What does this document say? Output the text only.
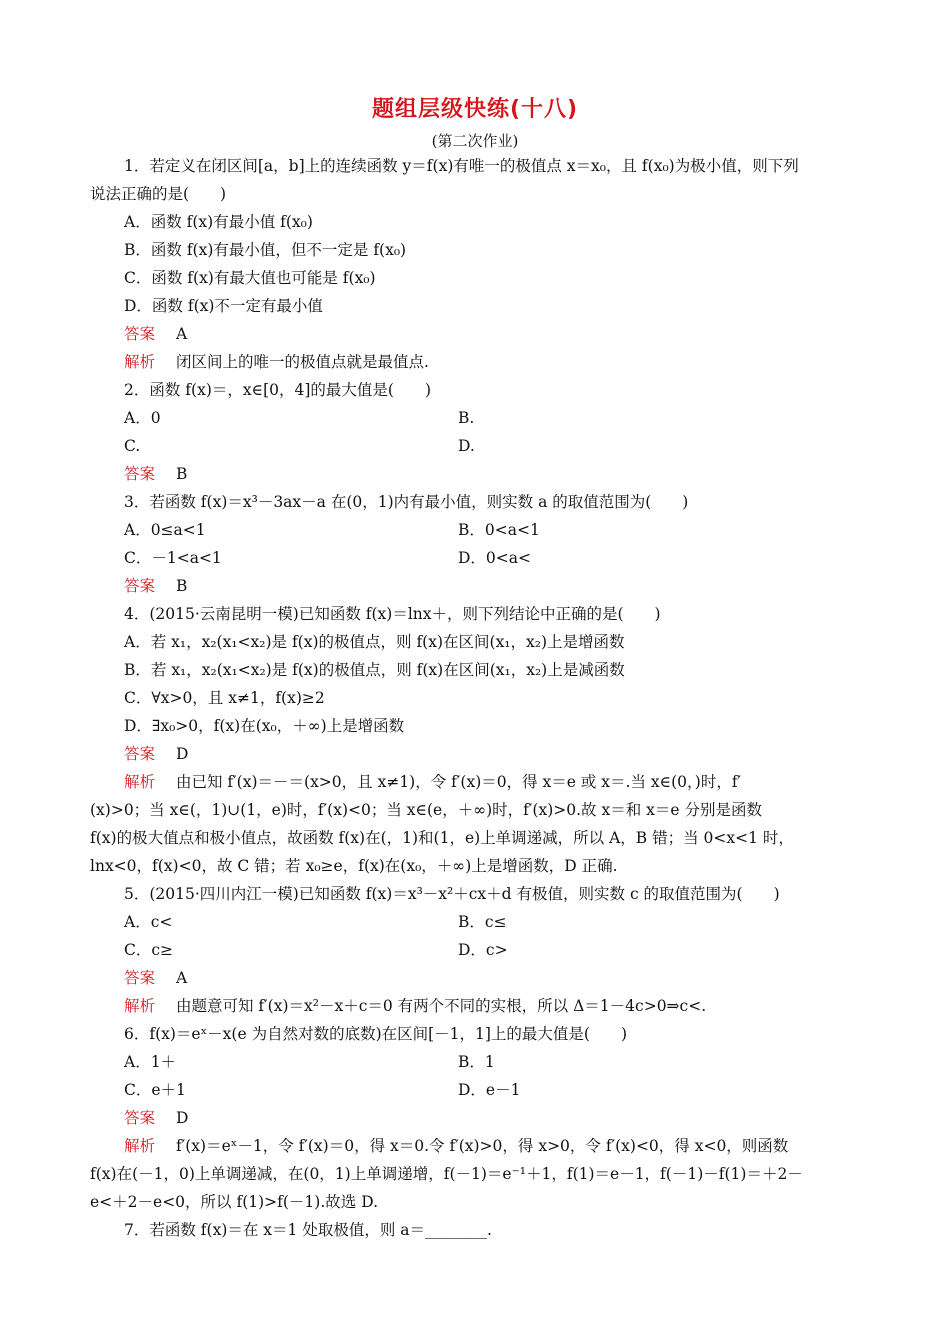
题组层级快练(十八)
(第二次作业)
1．若定义在闭区间[a，b]上的连续函数 y＝f(x)有唯一的极值点 x＝x₀，且 f(x₀)为极小值，则下列
说法正确的是(　　)
A．函数 f(x)有最小值 f(x₀)
B．函数 f(x)有最小值，但不一定是 f(x₀)
C．函数 f(x)有最大值也可能是 f(x₀)
D．函数 f(x)不一定有最小值
答案 A
解析 闭区间上的唯一的极值点就是最值点.
2．函数 f(x)＝，x∈[0，4]的最大值是(　　)
A．0	B.
C.	D.
答案 B
3．若函数 f(x)＝x³－3ax－a 在(0，1)内有最小值，则实数 a 的取值范围为(　　)
A．0≤a<1	B．0<a<1
C．－1<a<1	D．0<a<
答案 B
4．(2015·云南昆明一模)已知函数 f(x)＝lnx＋，则下列结论中正确的是(　　)
A．若 x₁，x₂(x₁<x₂)是 f(x)的极值点，则 f(x)在区间(x₁，x₂)上是增函数
B．若 x₁，x₂(x₁<x₂)是 f(x)的极值点，则 f(x)在区间(x₁，x₂)上是减函数
C．∀x>0，且 x≠1，f(x)≥2
D．∃x₀>0，f(x)在(x₀，＋∞)上是增函数
答案 D
解析 由已知 f′(x)＝－＝(x>0，且 x≠1)，令 f′(x)＝0，得 x＝e 或 x＝.当 x∈(0，)时，f′
(x)>0；当 x∈(，1)∪(1，e)时，f′(x)<0；当 x∈(e，＋∞)时，f′(x)>0.故 x＝和 x＝e 分别是函数
f(x)的极大值点和极小值点，故函数 f(x)在(，1)和(1，e)上单调递减，所以 A，B 错；当 0<x<1 时，
lnx<0，f(x)<0，故 C 错；若 x₀≥e，f(x)在(x₀，＋∞)上是增函数，D 正确.
5．(2015·四川内江一模)已知函数 f(x)＝x³－x²＋cx＋d 有极值，则实数 c 的取值范围为(　　)
A．c<	B．c≤
C．c≥	D．c>
答案 A
解析 由题意可知 f′(x)＝x²－x＋c＝0 有两个不同的实根，所以 Δ＝1－4c>0⇒c<.
6．f(x)＝eˣ－x(e 为自然对数的底数)在区间[－1，1]上的最大值是(　　)
A．1＋	B．1
C．e＋1	D．e－1
答案 D
解析 f′(x)＝eˣ－1，令 f′(x)＝0，得 x＝0.令 f′(x)>0，得 x>0，令 f′(x)<0，得 x<0，则函数
f(x)在(－1，0)上单调递减，在(0，1)上单调递增，f(－1)＝e⁻¹＋1，f(1)＝e－1，f(－1)－f(1)＝＋2－
e<＋2－e<0，所以 f(1)>f(－1).故选 D.
7．若函数 f(x)＝在 x＝1 处取极值，则 a＝________.
